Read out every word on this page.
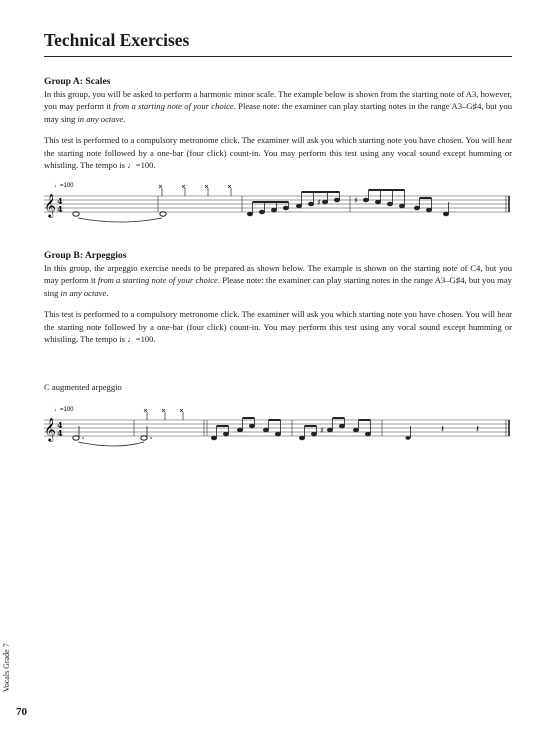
Technical Exercises

Group A: Scales

In this group, you will be asked to perform a harmonic minor scale. The example below is shown from the starting note of A3, however, you may perform it from a starting note of your choice. Please note: the examiner can play starting notes in the range A3–G♯4, but you may sing in any octave.

This test is performed to a compulsory metronome click. The examiner will ask you which starting note you have chosen. You will hear the starting note followed by a one-bar (four click) count-in. You may perform this test using any vocal sound except humming or whistling. The tempo is ♩=100.

♩=100
𝄞 4
4
♯	♯

Group B: Arpeggios

In this group, the arpeggio exercise needs to be prepared as shown below. The example is shown on the starting note of C4, but you may perform it from a starting note of your choice. Please note: the examiner can play starting notes in the range A3–G♯4, but you may sing in any octave.

This test is performed to a compulsory metronome click. The examiner will ask you which starting note you have chosen. You will hear the starting note followed by a one-bar (four click) count-in. You may perform this test using any vocal sound except humming or whistling. The tempo is ♩=100.

C augmented arpeggio
♩=100
𝄞 4
4	♯	𝄽	𝄽
Vocals Grade 7
70
